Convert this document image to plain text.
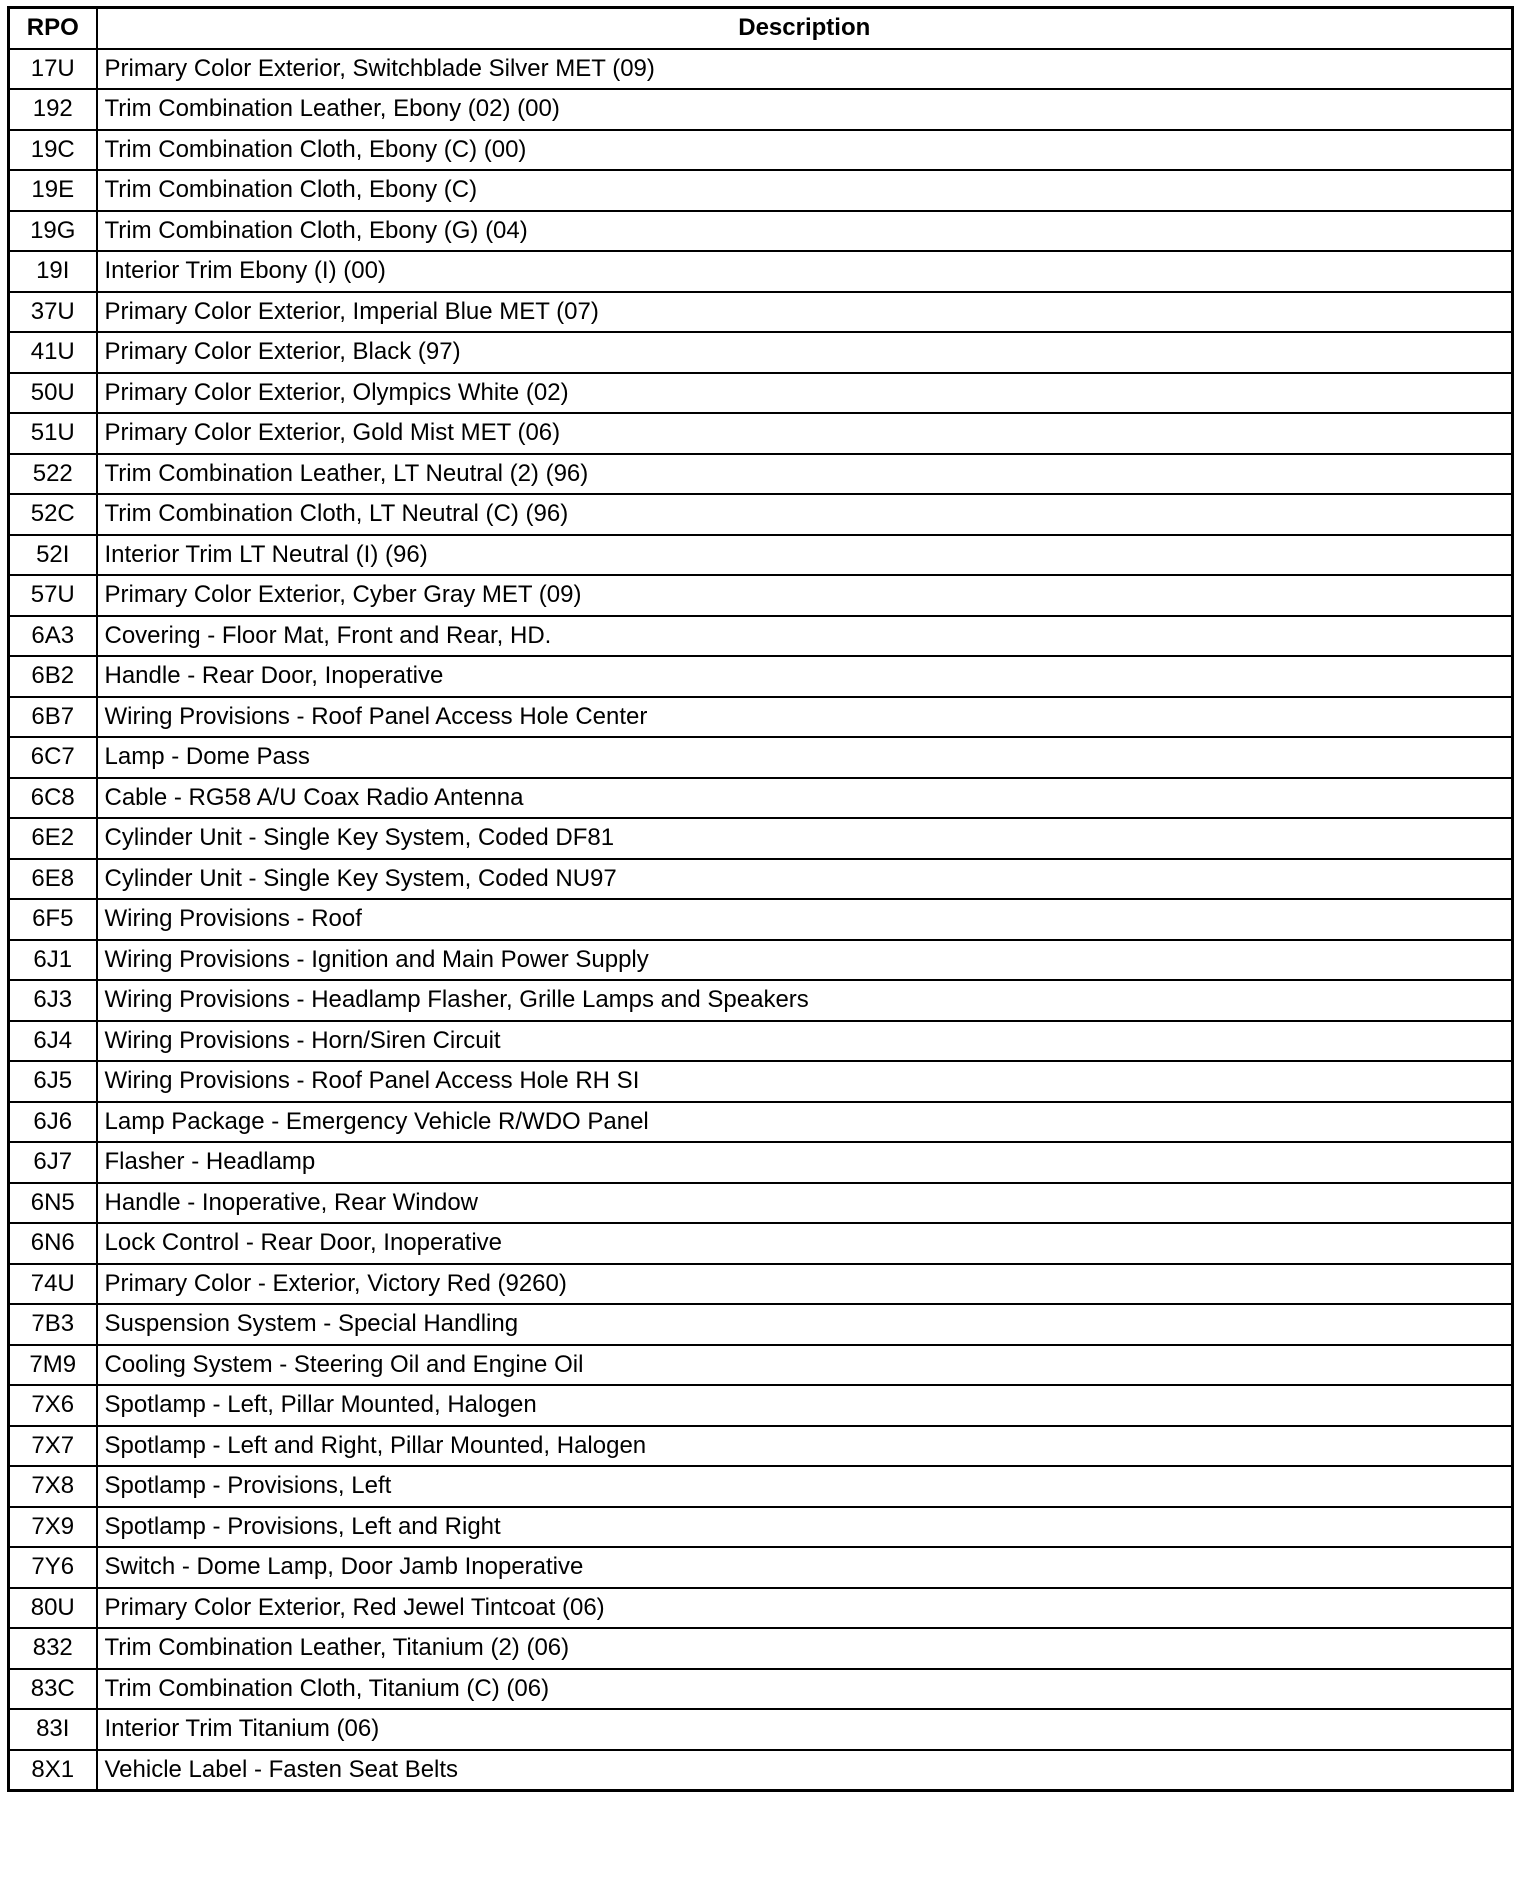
RPO	Description
17U	Primary Color Exterior, Switchblade Silver MET (09)
192	Trim Combination Leather, Ebony (02) (00)
19C	Trim Combination Cloth, Ebony (C) (00)
19E	Trim Combination Cloth, Ebony (C)
19G	Trim Combination Cloth, Ebony (G) (04)
19I	Interior Trim Ebony (I) (00)
37U	Primary Color Exterior, Imperial Blue MET (07)
41U	Primary Color Exterior, Black (97)
50U	Primary Color Exterior, Olympics White (02)
51U	Primary Color Exterior, Gold Mist MET (06)
522	Trim Combination Leather, LT Neutral (2) (96)
52C	Trim Combination Cloth, LT Neutral (C) (96)
52I	Interior Trim LT Neutral (I) (96)
57U	Primary Color Exterior, Cyber Gray MET (09)
6A3	Covering - Floor Mat, Front and Rear, HD.
6B2	Handle - Rear Door, Inoperative
6B7	Wiring Provisions - Roof Panel Access Hole Center
6C7	Lamp - Dome Pass
6C8	Cable - RG58 A/U Coax Radio Antenna
6E2	Cylinder Unit - Single Key System, Coded DF81
6E8	Cylinder Unit - Single Key System, Coded NU97
6F5	Wiring Provisions - Roof
6J1	Wiring Provisions - Ignition and Main Power Supply
6J3	Wiring Provisions - Headlamp Flasher, Grille Lamps and Speakers
6J4	Wiring Provisions - Horn/Siren Circuit
6J5	Wiring Provisions - Roof Panel Access Hole RH SI
6J6	Lamp Package - Emergency Vehicle R/WDO Panel
6J7	Flasher - Headlamp
6N5	Handle - Inoperative, Rear Window
6N6	Lock Control - Rear Door, Inoperative
74U	Primary Color - Exterior, Victory Red (9260)
7B3	Suspension System - Special Handling
7M9	Cooling System - Steering Oil and Engine Oil
7X6	Spotlamp - Left, Pillar Mounted, Halogen
7X7	Spotlamp - Left and Right, Pillar Mounted, Halogen
7X8	Spotlamp - Provisions, Left
7X9	Spotlamp - Provisions, Left and Right
7Y6	Switch - Dome Lamp, Door Jamb Inoperative
80U	Primary Color Exterior, Red Jewel Tintcoat (06)
832	Trim Combination Leather, Titanium (2) (06)
83C	Trim Combination Cloth, Titanium (C) (06)
83I	Interior Trim Titanium (06)
8X1	Vehicle Label - Fasten Seat Belts
